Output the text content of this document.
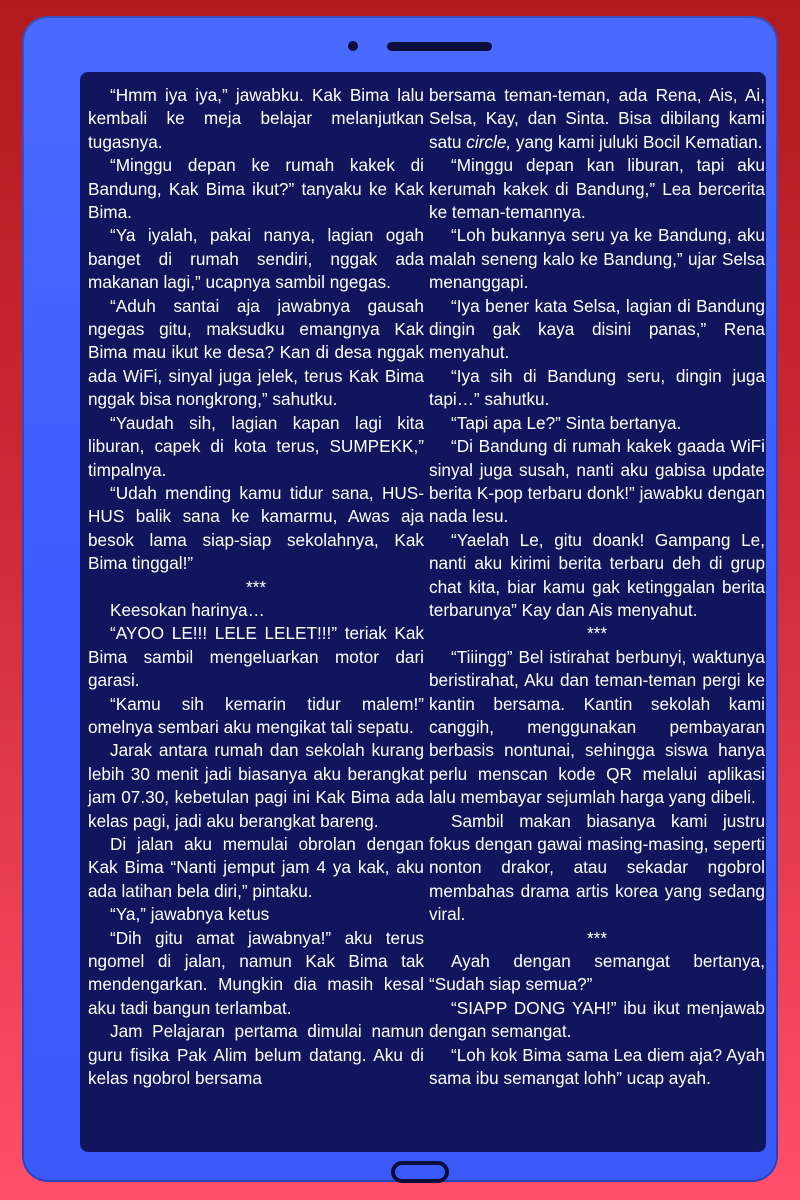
“Hmm iya iya,” jawabku. Kak Bima lalu kembali ke meja belajar melanjutkan tugasnya.

“Minggu depan ke rumah kakek di Bandung, Kak Bima ikut?” tanyaku ke Kak Bima.

“Ya iyalah, pakai nanya, lagian ogah banget di rumah sendiri, nggak ada makanan lagi,” ucapnya sambil ngegas.

“Aduh santai aja jawabnya gausah ngegas gitu, maksudku emangnya Kak Bima mau ikut ke desa? Kan di desa nggak ada WiFi, sinyal juga jelek, terus Kak Bima nggak bisa nongkrong,” sahutku.

“Yaudah sih, lagian kapan lagi kita liburan, capek di kota terus, SUMPEKK,” timpalnya.

“Udah mending kamu tidur sana, HUS-HUS balik sana ke kamarmu, Awas aja besok lama siap-siap sekolahnya, Kak Bima tinggal!”

***

Keesokan harinya…

“AYOO LE!!! LELE LELET!!!” teriak Kak Bima sambil mengeluarkan motor dari garasi.

“Kamu sih kemarin tidur malem!” omelnya sembari aku mengikat tali sepatu.

Jarak antara rumah dan sekolah kurang lebih 30 menit jadi biasanya aku berangkat jam 07.30, kebetulan pagi ini Kak Bima ada kelas pagi, jadi aku berangkat bareng.

Di jalan aku memulai obrolan dengan Kak Bima “Nanti jemput jam 4 ya kak, aku ada latihan bela diri,” pintaku.

“Ya,” jawabnya ketus

“Dih gitu amat jawabnya!” aku terus ngomel di jalan, namun Kak Bima tak mendengarkan. Mungkin dia masih kesal aku tadi bangun terlambat.

Jam Pelajaran pertama dimulai namun guru fisika Pak Alim belum datang. Aku di kelas ngobrol bersama

bersama teman-teman, ada Rena, Ais, Ai, Selsa, Kay, dan Sinta. Bisa dibilang kami satu circle, yang kami juluki Bocil Kematian.

“Minggu depan kan liburan, tapi aku kerumah kakek di Bandung,” Lea bercerita ke teman-temannya.

“Loh bukannya seru ya ke Bandung, aku malah seneng kalo ke Bandung,” ujar Selsa menanggapi.

“Iya bener kata Selsa, lagian di Bandung dingin gak kaya disini panas,” Rena menyahut.

“Iya sih di Bandung seru, dingin juga tapi…” sahutku.

“Tapi apa Le?” Sinta bertanya.

“Di Bandung di rumah kakek gaada WiFi sinyal juga susah, nanti aku gabisa update berita K-pop terbaru donk!” jawabku dengan nada lesu.

“Yaelah Le, gitu doank! Gampang Le, nanti aku kirimi berita terbaru deh di grup chat kita, biar kamu gak ketinggalan berita terbarunya” Kay dan Ais menyahut.

***

“Tiiingg” Bel istirahat berbunyi, waktunya beristirahat, Aku dan teman-teman pergi ke kantin bersama. Kantin sekolah kami canggih, menggunakan pembayaran berbasis nontunai, sehingga siswa hanya perlu menscan kode QR melalui aplikasi lalu membayar sejumlah harga yang dibeli.

Sambil makan biasanya kami justru fokus dengan gawai masing-masing, seperti nonton drakor, atau sekadar ngobrol membahas drama artis korea yang sedang viral.

***

Ayah dengan semangat bertanya, “Sudah siap semua?”

“SIAPP DONG YAH!” ibu ikut menjawab dengan semangat.

“Loh kok Bima sama Lea diem aja? Ayah sama ibu semangat lohh” ucap ayah.
